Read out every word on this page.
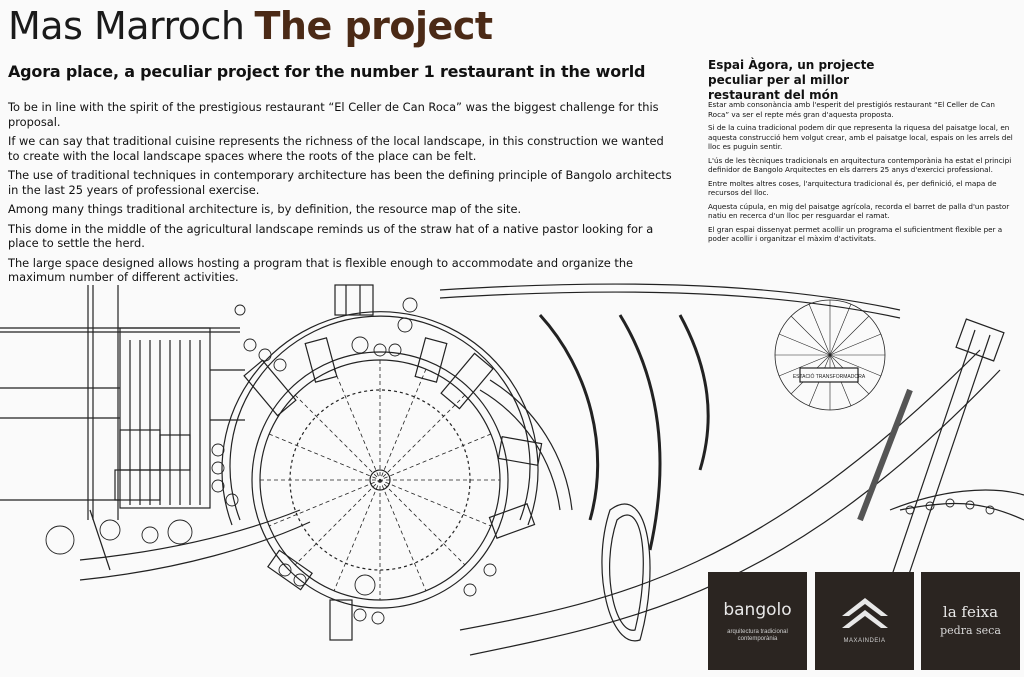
Mas Marroch The project
Agora place, a peculiar project for the number 1 restaurant in the world

To be in line with the spirit of the prestigious restaurant “El Celler de Can Roca” was the biggest challenge for this proposal.

If we can say that traditional cuisine represents the richness of the local landscape, in this construction we wanted to create with the local landscape spaces where the roots of the place can be felt.

The use of traditional techniques in contemporary architecture has been the defining principle of Bangolo architects in the last 25 years of professional exercise.

Among many things traditional architecture is, by definition, the resource map of the site.

This dome in the middle of the agricultural landscape reminds us of the straw hat of a native pastor looking for a place to settle the herd.

The large space designed allows hosting a program that is flexible enough to accommodate and organize the maximum number of different activities.

Espai Àgora, un projecte peculiar per al millor restaurant del món

Estar amb consonància amb l'esperit del prestigiós restaurant “El Celler de Can Roca” va ser el repte més gran d'aquesta proposta.

Si de la cuina tradicional podem dir que representa la riquesa del paisatge local, en aquesta construcció hem volgut crear, amb el paisatge local, espais on les arrels del lloc es puguin sentir.

L'ús de les tècniques tradicionals en arquitectura contemporània ha estat el principi definidor de Bangolo Arquitectes en els darrers 25 anys d'exercici professional.

Entre moltes altres coses, l'arquitectura tradicional és, per definició, el mapa de recursos del lloc.

Aquesta cúpula, en mig del paisatge agrícola, recorda el barret de palla d'un pastor natiu en recerca d'un lloc per resguardar el ramat.

El gran espai dissenyat permet acollir un programa el suficientment flexible per a poder acollir i organitzar el màxim d'activitats.

ESTACIÓ TRANSFORMADORA
bangolo
arquitectura tradicional contemporània	MAXAINDEIA
la feixa
pedra seca
